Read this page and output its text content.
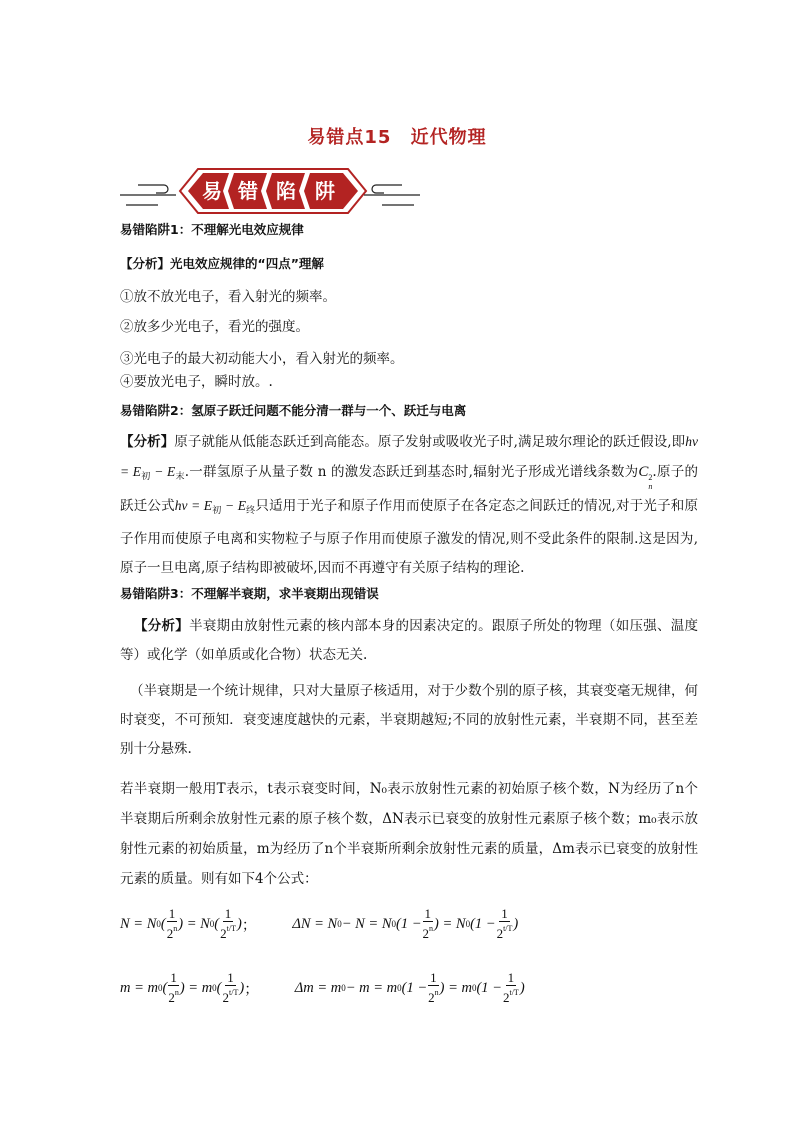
易错点15 近代物理
易 错 陷 阱
易错陷阱1：不理解光电效应规律
【分析】光电效应规律的“四点”理解
①放不放光电子，看入射光的频率。
②放多少光电子，看光的强度。
③光电子的最大初动能大小，看入射光的频率。
④要放光电子，瞬时放。.
易错陷阱2：氢原子跃迁问题不能分清一群与一个、跃迁与电离
【分析】原子就能从低能态跃迁到高能态。原子发射或吸收光子时,满足玻尔理论的跃迁假设,即$h\nu = E_初 - E_末$.一群氢原子从量子数 n 的激发态跃迁到基态时,辐射光子形成光谱线条数为C 2
n
.原子的跃迁公式$h\nu = E_初 - E_终$只适用于光子和原子作用而使原子在各定态之间跃迁的情况,对于光子和原子作用而使原子电离和实物粒子与原子作用而使原子激发的情况,则不受此条件的限制.这是因为,原子一旦电离,原子结构即被破坏,因而不再遵守有关原子结构的理论.
易错陷阱3：不理解半衰期，求半衰期出现错误
【分析】半衰期由放射性元素的核内部本身的因素决定的。跟原子所处的物理（如压强、温度等）或化学（如单质或化合物）状态无关.
（半衰期是一个统计规律，只对大量原子核适用，对于少数个别的原子核，其衰变毫无规律，何时衰变，不可预知．衰变速度越快的元素，半衰期越短;不同的放射性元素，半衰期不同，甚至差别十分悬殊.
若半衰期一般用T表示，t表示衰变时间，N₀表示放射性元素的初始原子核个数，N为经历了n个半衰期后所剩余放射性元素的原子核个数，ΔN表示已衰变的放射性元素原子核个数；m₀表示放射性元素的初始质量，m为经历了n个半衰斯所剩余放射性元素的质量，Δm表示已衰变的放射性元素的质量。则有如下4个公式：
N = N 0 ( $\frac{1}{2^n}$ ) = N 0 ( $\frac{1}{2^{t/T}}$ ) ； ΔN = N 0 − N = N 0 ($1 - \frac{1}{2^n}$ ) = N 0 ($1 - \frac{1}{2^{t/T}}$ )
m = m 0 ( $\frac{1}{2^n}$ ) = m 0 ( $\frac{1}{2^{t/T}}$ ) ； Δm = m 0 − m = m 0 ($1 - \frac{1}{2^n}$ ) = m 0 ($1 - \frac{1}{2^{t/T}}$ )
